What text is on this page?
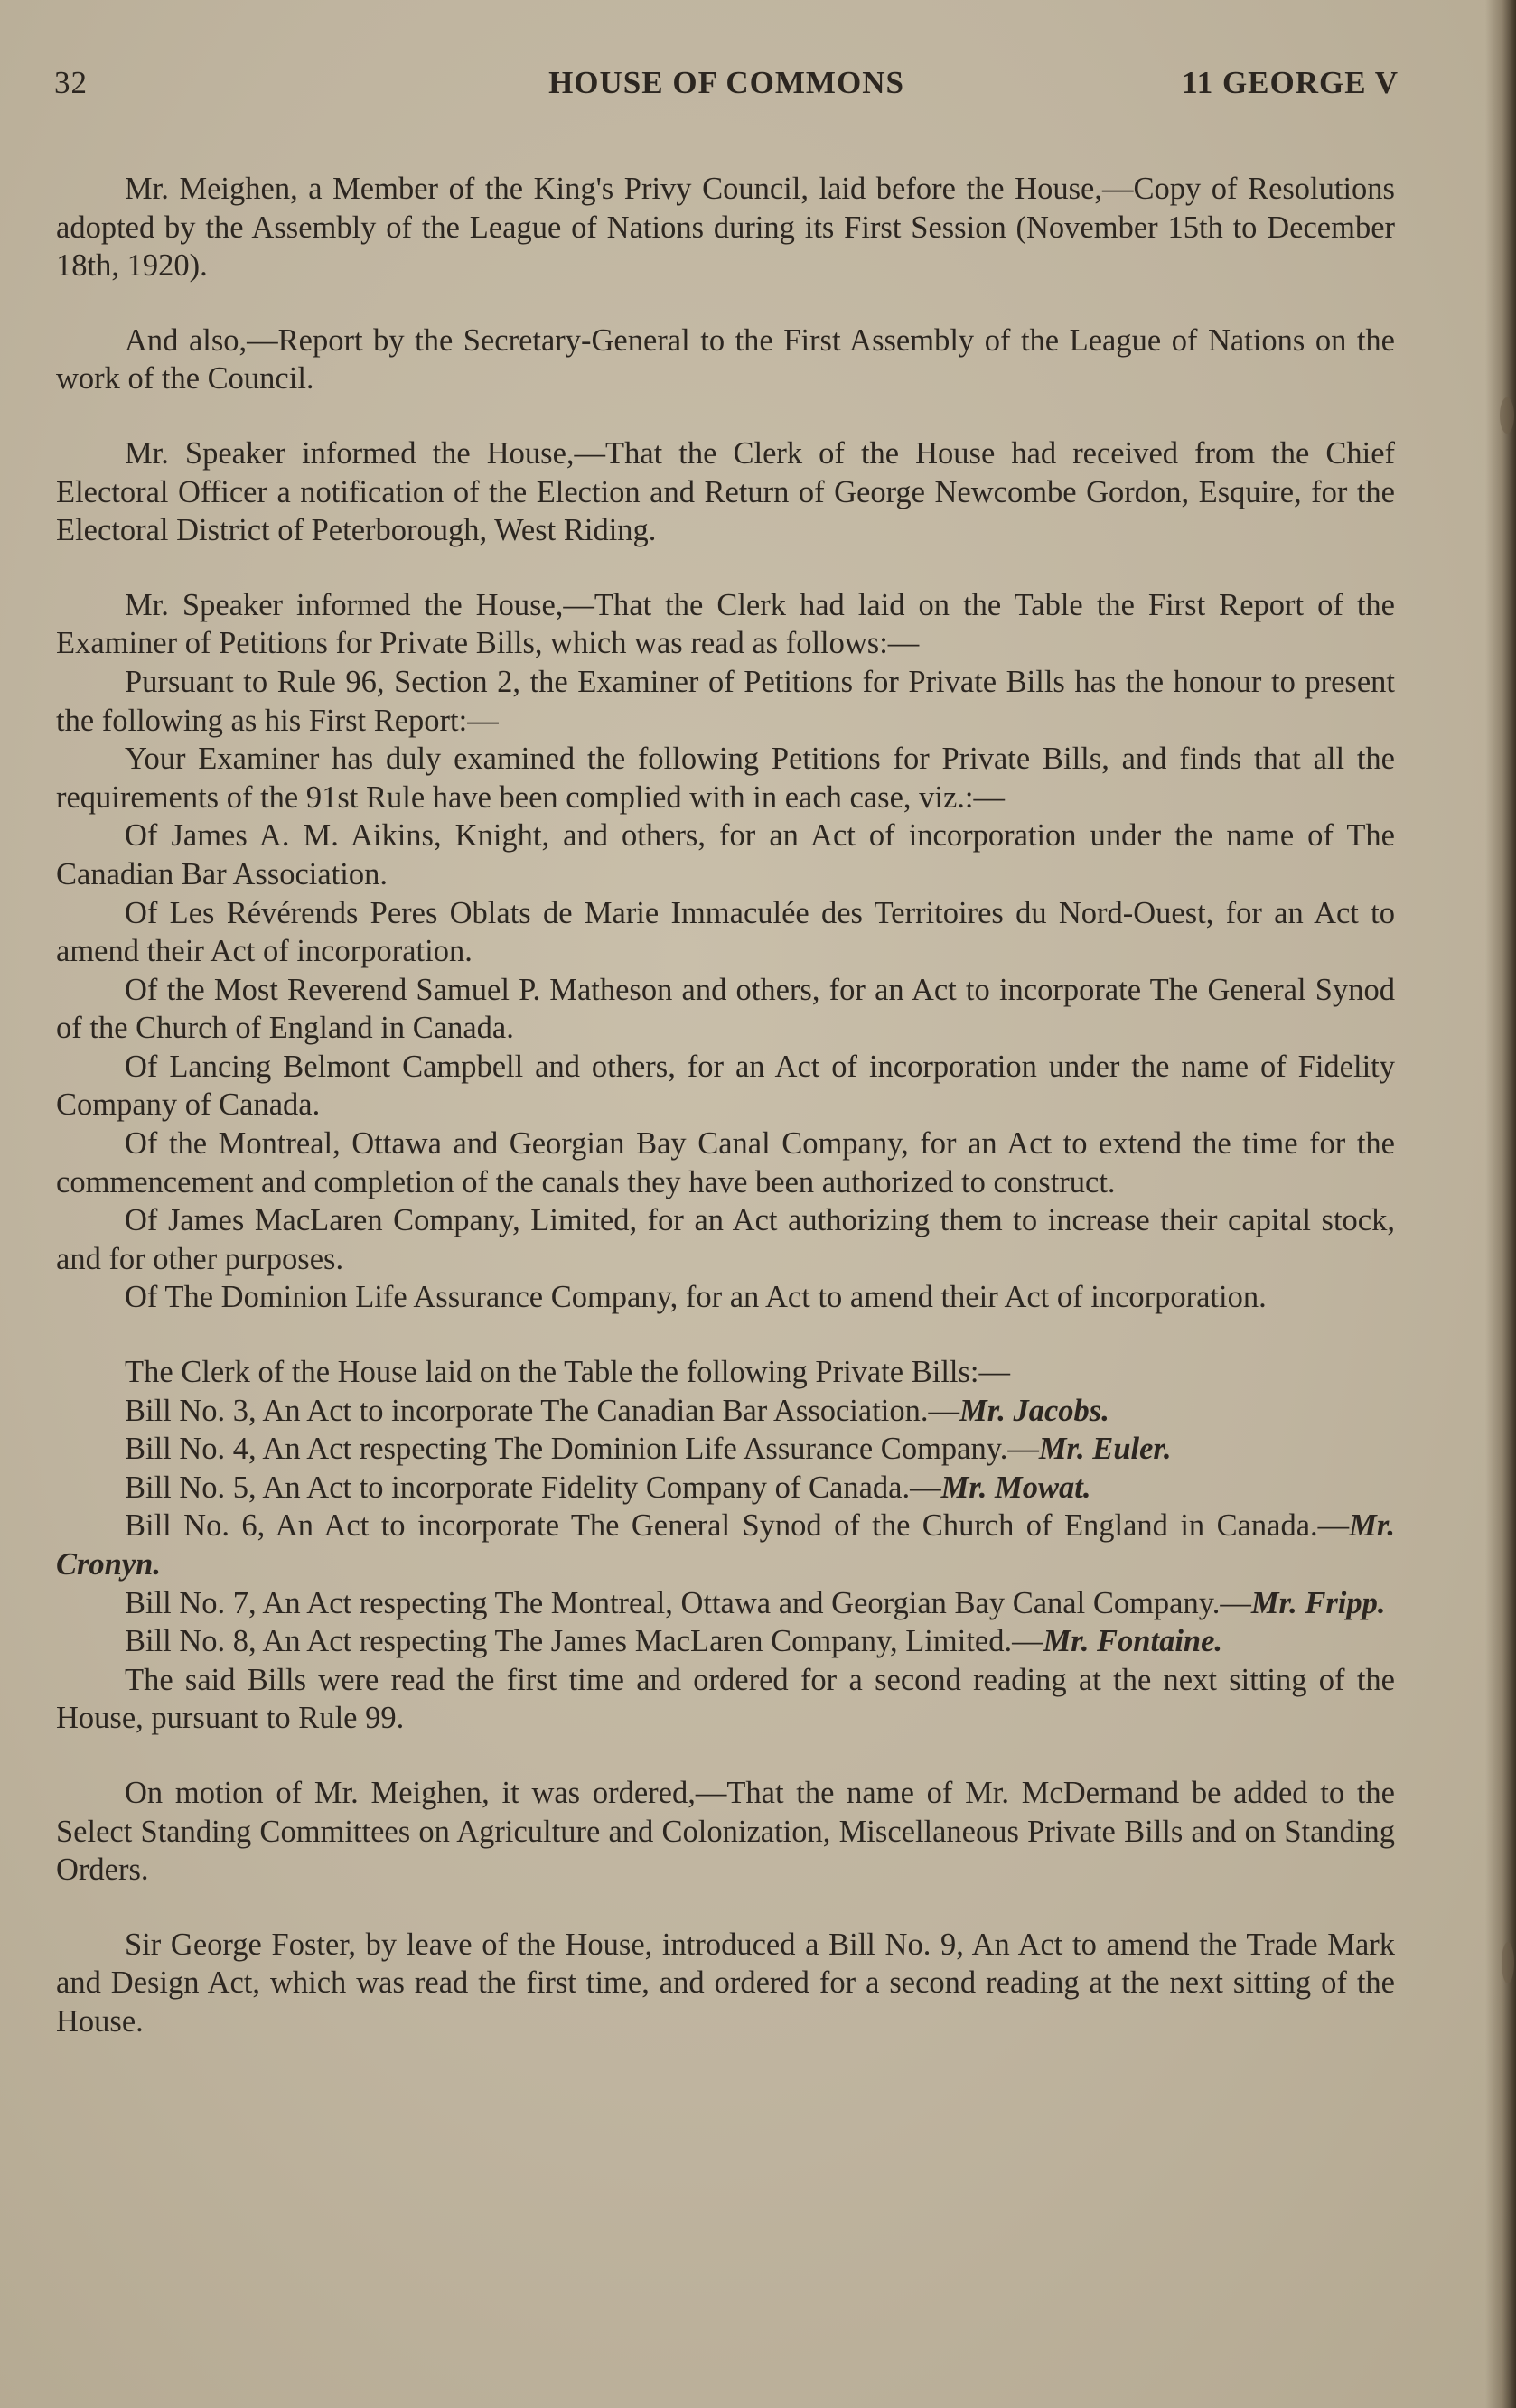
32	HOUSE OF COMMONS	11 GEORGE V

Mr. Meighen, a Member of the King's Privy Council, laid before the House,—Copy of Resolutions adopted by the Assembly of the League of Nations during its First Session (November 15th to December 18th, 1920).

And also,—Report by the Secretary-General to the First Assembly of the League of Nations on the work of the Council.

Mr. Speaker informed the House,—That the Clerk of the House had received from the Chief Electoral Officer a notification of the Election and Return of George Newcombe Gordon, Esquire, for the Electoral District of Peterborough, West Riding.

Mr. Speaker informed the House,—That the Clerk had laid on the Table the First Report of the Examiner of Petitions for Private Bills, which was read as follows:—

Pursuant to Rule 96, Section 2, the Examiner of Petitions for Private Bills has the honour to present the following as his First Report:—

Your Examiner has duly examined the following Petitions for Private Bills, and finds that all the requirements of the 91st Rule have been complied with in each case, viz.:—

Of James A. M. Aikins, Knight, and others, for an Act of incorporation under the name of The Canadian Bar Association.

Of Les Révérends Peres Oblats de Marie Immaculée des Territoires du Nord-Ouest, for an Act to amend their Act of incorporation.

Of the Most Reverend Samuel P. Matheson and others, for an Act to incorporate The General Synod of the Church of England in Canada.

Of Lancing Belmont Campbell and others, for an Act of incorporation under the name of Fidelity Company of Canada.

Of the Montreal, Ottawa and Georgian Bay Canal Company, for an Act to extend the time for the commencement and completion of the canals they have been authorized to construct.

Of James MacLaren Company, Limited, for an Act authorizing them to increase their capital stock, and for other purposes.

Of The Dominion Life Assurance Company, for an Act to amend their Act of incorporation.

The Clerk of the House laid on the Table the following Private Bills:—

Bill No. 3, An Act to incorporate The Canadian Bar Association.—Mr. Jacobs.

Bill No. 4, An Act respecting The Dominion Life Assurance Company.—Mr. Euler.

Bill No. 5, An Act to incorporate Fidelity Company of Canada.—Mr. Mowat.

Bill No. 6, An Act to incorporate The General Synod of the Church of England in Canada.—Mr. Cronyn.

Bill No. 7, An Act respecting The Montreal, Ottawa and Georgian Bay Canal Company.—Mr. Fripp.

Bill No. 8, An Act respecting The James MacLaren Company, Limited.—Mr. Fontaine.

The said Bills were read the first time and ordered for a second reading at the next sitting of the House, pursuant to Rule 99.

On motion of Mr. Meighen, it was ordered,—That the name of Mr. McDermand be added to the Select Standing Committees on Agriculture and Colonization, Miscellaneous Private Bills and on Standing Orders.

Sir George Foster, by leave of the House, introduced a Bill No. 9, An Act to amend the Trade Mark and Design Act, which was read the first time, and ordered for a second reading at the next sitting of the House.
